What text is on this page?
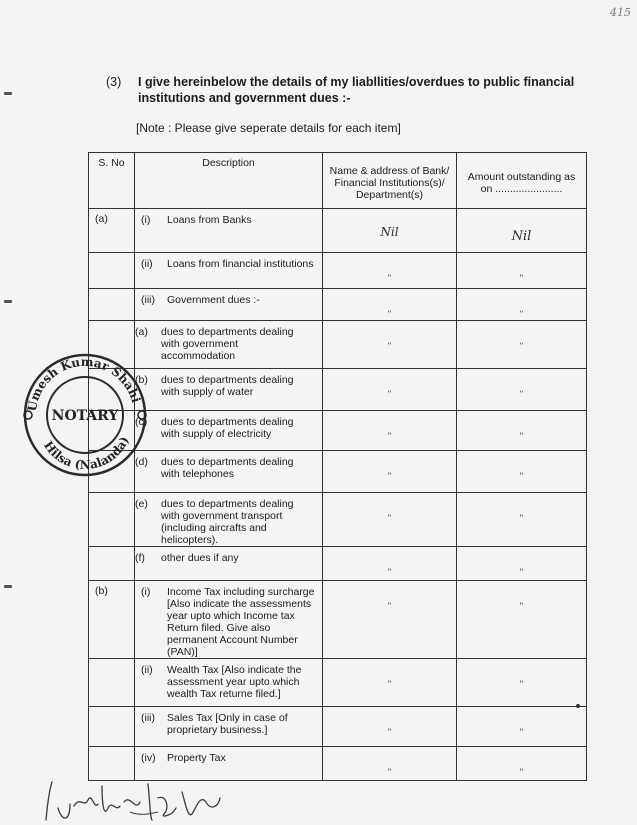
415
(3) I give hereinbelow the details of my liabllities/overdues to public financial institutions and government dues :-
[Note : Please give seperate details for each item]
S. No	Description	Name & address of Bank/ Financial Institutions(s)/ Department(s)	Amount outstanding as on .......................

(a)	(i) Loans from Banks	Nil	Nil

	(ii) Loans from financial institutions	"	"

	(iii) Government dues :-	"	"

	(a) dues to departments dealing with government accommodation	"	"

	(b) dues to departments dealing with supply of water	"	"

	(c) dues to departments dealing with supply of electricity	"	"

	(d) dues to departments dealing with telephones	"	"

	(e) dues to departments dealing with government transport (including aircrafts and helicopters).	"	"

	(f) other dues if any	"	"

(b)	(i) Income Tax including surcharge [Also indicate the assessments year upto which Income tax Return filed. Give also permanent Account Number (PAN)]	"	"

	(ii) Wealth Tax [Also indicate the assessment year upto which wealth Tax returne filed.]	"	"

	(iii) Sales Tax [Only in case of proprietary business.]	"	"

	(iv) Property Tax	"	"
Umesh Kumar Shahi
Hilsa (Nalanda)
NOTARY
